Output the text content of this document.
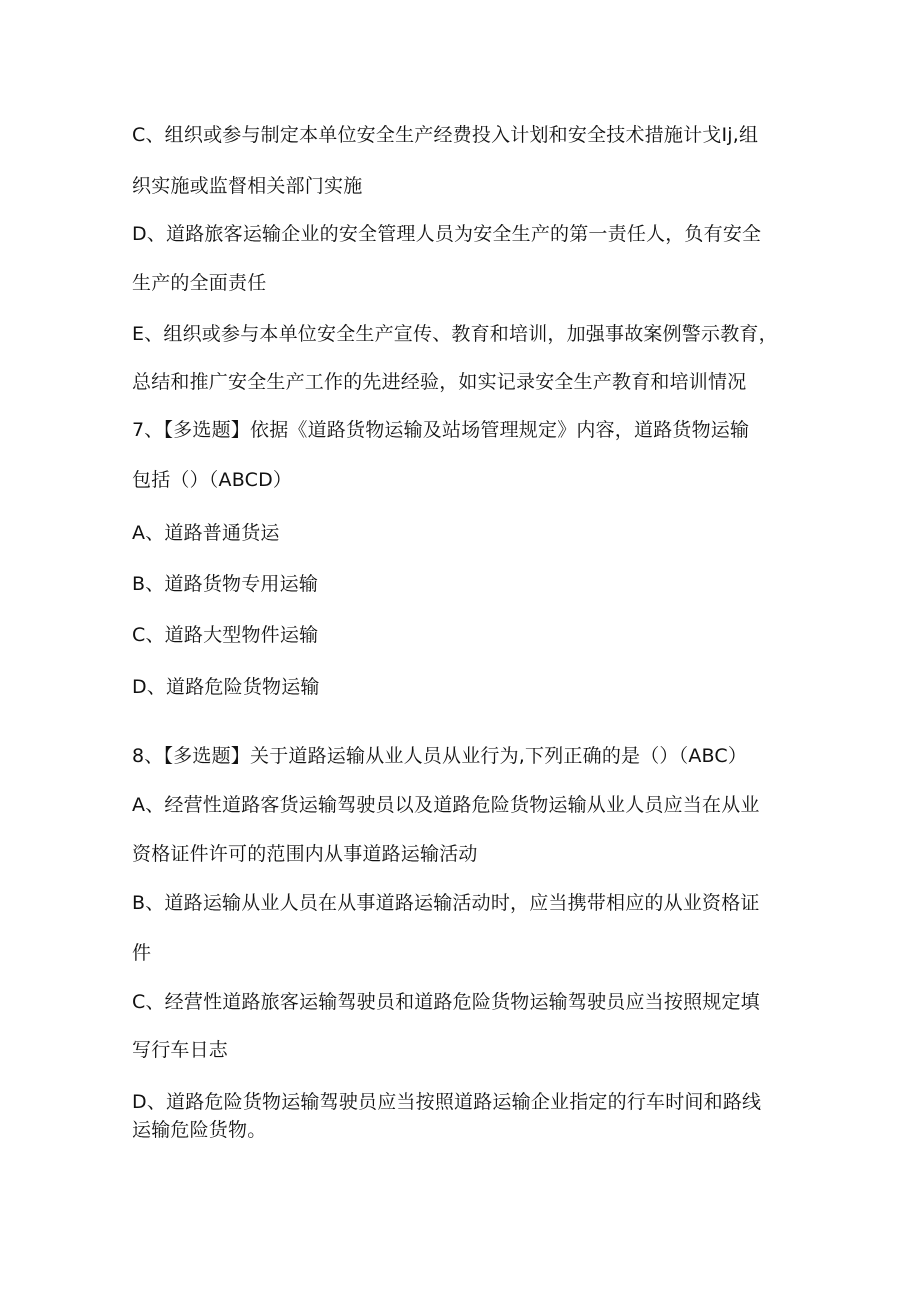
C、组织或参与制定本单位安全生产经费投入计划和安全技术措施计戈Ij,组
织实施或监督相关部门实施
D、道路旅客运输企业的安全管理人员为安全生产的第一责任人，负有安全
生产的全面责任
E、组织或参与本单位安全生产宣传、教育和培训，加强事故案例警示教育，
总结和推广安全生产工作的先进经验，如实记录安全生产教育和培训情况
7、【多选题】依据《道路货物运输及站场管理规定》内容，道路货物运输
包括（）（ABCD）
A、道路普通货运
B、道路货物专用运输
C、道路大型物件运输
D、道路危险货物运输
8、【多选题】关于道路运输从业人员从业行为,下列正确的是（）（ABC）
A、经营性道路客货运输驾驶员以及道路危险货物运输从业人员应当在从业
资格证件许可的范围内从事道路运输活动
B、道路运输从业人员在从事道路运输活动时，应当携带相应的从业资格证
件
C、经营性道路旅客运输驾驶员和道路危险货物运输驾驶员应当按照规定填
写行车日志
D、道路危险货物运输驾驶员应当按照道路运输企业指定的行车时间和路线
运输危险货物。
